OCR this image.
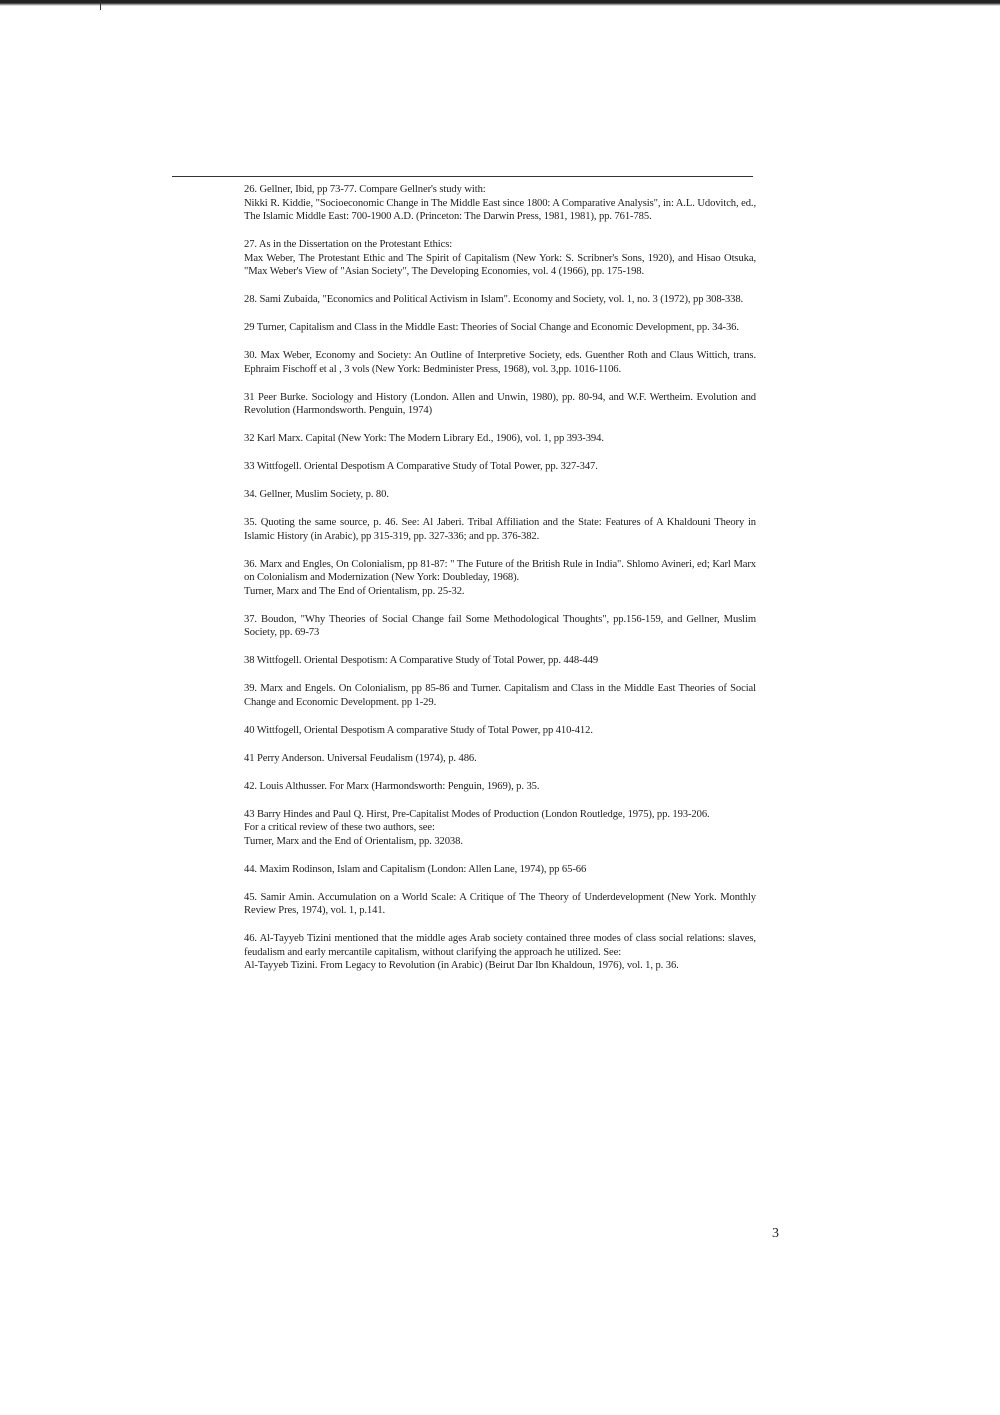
26. Gellner, Ibid, pp 73-77. Compare Gellner's study with:
Nikki R. Kiddie, "Socioeconomic Change in The Middle East since 1800: A Comparative Analysis", in: A.L. Udovitch, ed., The Islamic Middle East: 700-1900 A.D. (Princeton: The Darwin Press, 1981, 1981), pp. 761-785.
27. As in the Dissertation on the Protestant Ethics:
Max Weber, The Protestant Ethic and The Spirit of Capitalism (New York: S. Scribner's Sons, 1920), and Hisao Otsuka, "Max Weber's View of "Asian Society", The Developing Economies, vol. 4 (1966), pp. 175-198.
28. Sami Zubaida, "Economics and Political Activism in Islam". Economy and Society, vol. 1, no. 3 (1972), pp 308-338.
29 Turner, Capitalism and Class in the Middle East: Theories of Social Change and Economic Development, pp. 34-36.
30. Max Weber, Economy and Society: An Outline of Interpretive Society, eds. Guenther Roth and Claus Wittich, trans. Ephraim Fischoff et al , 3 vols (New York: Bedminister Press, 1968), vol. 3,pp. 1016-1106.
31 Peer Burke. Sociology and History (London. Allen and Unwin, 1980), pp. 80-94, and W.F. Wertheim. Evolution and Revolution (Harmondsworth. Penguin, 1974)
32 Karl Marx. Capital (New York: The Modern Library Ed., 1906), vol. 1, pp 393-394.
33 Wittfogell. Oriental Despotism A Comparative Study of Total Power, pp. 327-347.
34. Gellner, Muslim Society, p. 80.
35. Quoting the same source, p. 46. See: Al Jaberi. Tribal Affiliation and the State: Features of A Khaldouni Theory in Islamic History (in Arabic), pp 315-319, pp. 327-336; and pp. 376-382.
36. Marx and Engles, On Colonialism, pp 81-87: " The Future of the British Rule in India". Shlomo Avineri, ed; Karl Marx on Colonialism and Modernization (New York: Doubleday, 1968).
Turner, Marx and The End of Orientalism, pp. 25-32.
37. Boudon, "Why Theories of Social Change fail Some Methodological Thoughts", pp.156-159, and Gellner, Muslim Society, pp. 69-73
38 Wittfogell. Oriental Despotism: A Comparative Study of Total Power, pp. 448-449
39. Marx and Engels. On Colonialism, pp 85-86 and Turner. Capitalism and Class in the Middle East Theories of Social Change and Economic Development. pp 1-29.
40 Wittfogell, Oriental Despotism A comparative Study of Total Power, pp 410-412.
41 Perry Anderson. Universal Feudalism (1974), p. 486.
42. Louis Althusser. For Marx (Harmondsworth: Penguin, 1969), p. 35.
43 Barry Hindes and Paul Q. Hirst, Pre-Capitalist Modes of Production (London Routledge, 1975), pp. 193-206.
For a critical review of these two authors, see:
Turner, Marx and the End of Orientalism, pp. 32038.
44. Maxim Rodinson, Islam and Capitalism (London: Allen Lane, 1974), pp 65-66
45. Samir Amin. Accumulation on a World Scale: A Critique of The Theory of Underdevelopment (New York. Monthly Review Pres, 1974), vol. 1, p.141.
46. Al-Tayyeb Tizini mentioned that the middle ages Arab society contained three modes of class social relations: slaves, feudalism and early mercantile capitalism, without clarifying the approach he utilized. See:
Al-Tayyeb Tizini. From Legacy to Revolution (in Arabic) (Beirut Dar Ibn Khaldoun, 1976), vol. 1, p. 36.
3
